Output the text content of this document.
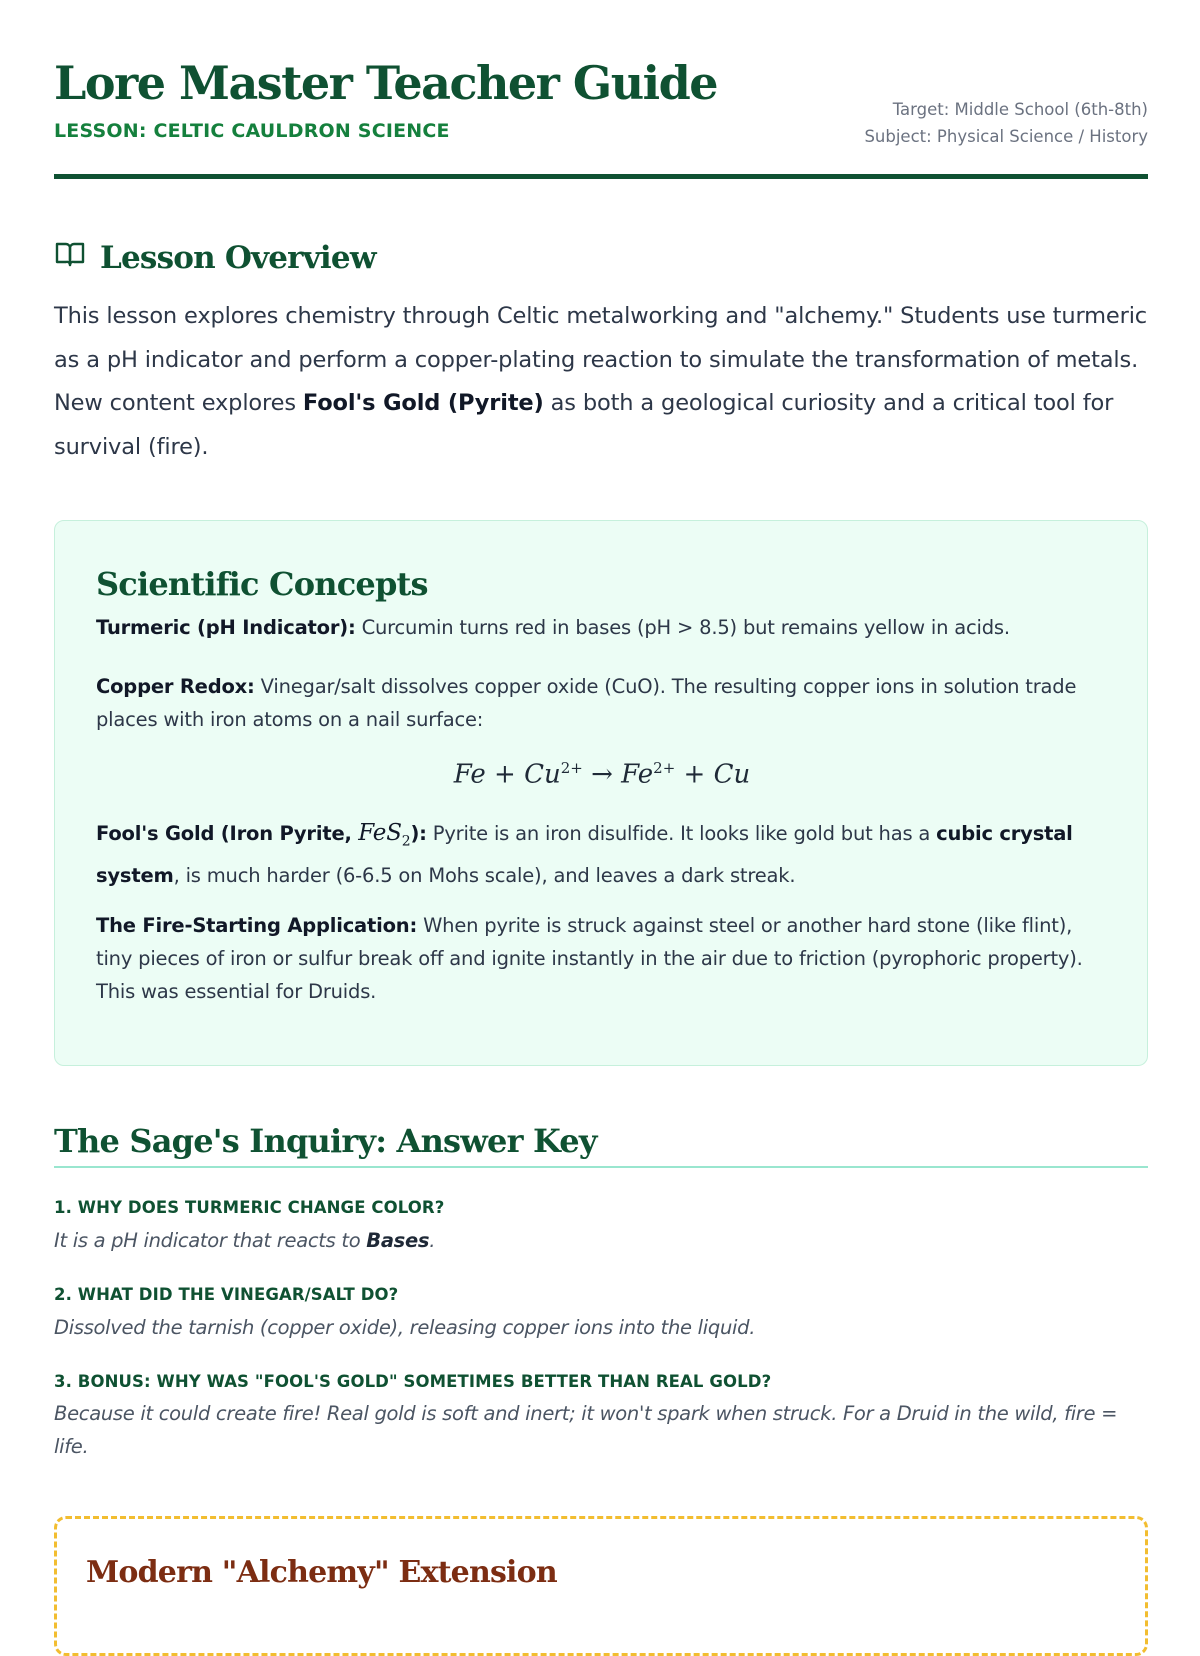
Lore Master Teacher Guide
LESSON: CELTIC CAULDRON SCIENCE
Target: Middle School (6th-8th)
Subject: Physical Science / History
Lesson Overview

This lesson explores chemistry through Celtic metalworking and "alchemy." Students use turmeric as a pH indicator and perform a copper-plating reaction to simulate the transformation of metals. New content explores Fool's Gold (Pyrite) as both a geological curiosity and a critical tool for survival (fire).

Scientific Concepts

Turmeric (pH Indicator): Curcumin turns red in bases (pH > 8.5) but remains yellow in acids.

Copper Redox: Vinegar/salt dissolves copper oxide (CuO). The resulting copper ions in solution trade places with iron atoms on a nail surface:

$Fe + Cu^{2+} \to Fe^{2+} + Cu$

Fool's Gold (Iron Pyrite, FeS$_2$): Pyrite is an iron disulfide. It looks like gold but has a cubic crystal system, is much harder (6-6.5 on Mohs scale), and leaves a dark streak.

The Fire-Starting Application: When pyrite is struck against steel or another hard stone (like flint), tiny pieces of iron or sulfur break off and ignite instantly in the air due to friction (pyrophoric property). This was essential for Druids.

The Sage's Inquiry: Answer Key
1. WHY DOES TURMERIC CHANGE COLOR?

It is a pH indicator that reacts to Bases.

2. WHAT DID THE VINEGAR/SALT DO?

Dissolved the tarnish (copper oxide), releasing copper ions into the liquid.

3. BONUS: WHY WAS "FOOL'S GOLD" SOMETIMES BETTER THAN REAL GOLD?

Because it could create fire! Real gold is soft and inert; it won't spark when struck. For a Druid in the wild, fire = life.

Modern "Alchemy" Extension
